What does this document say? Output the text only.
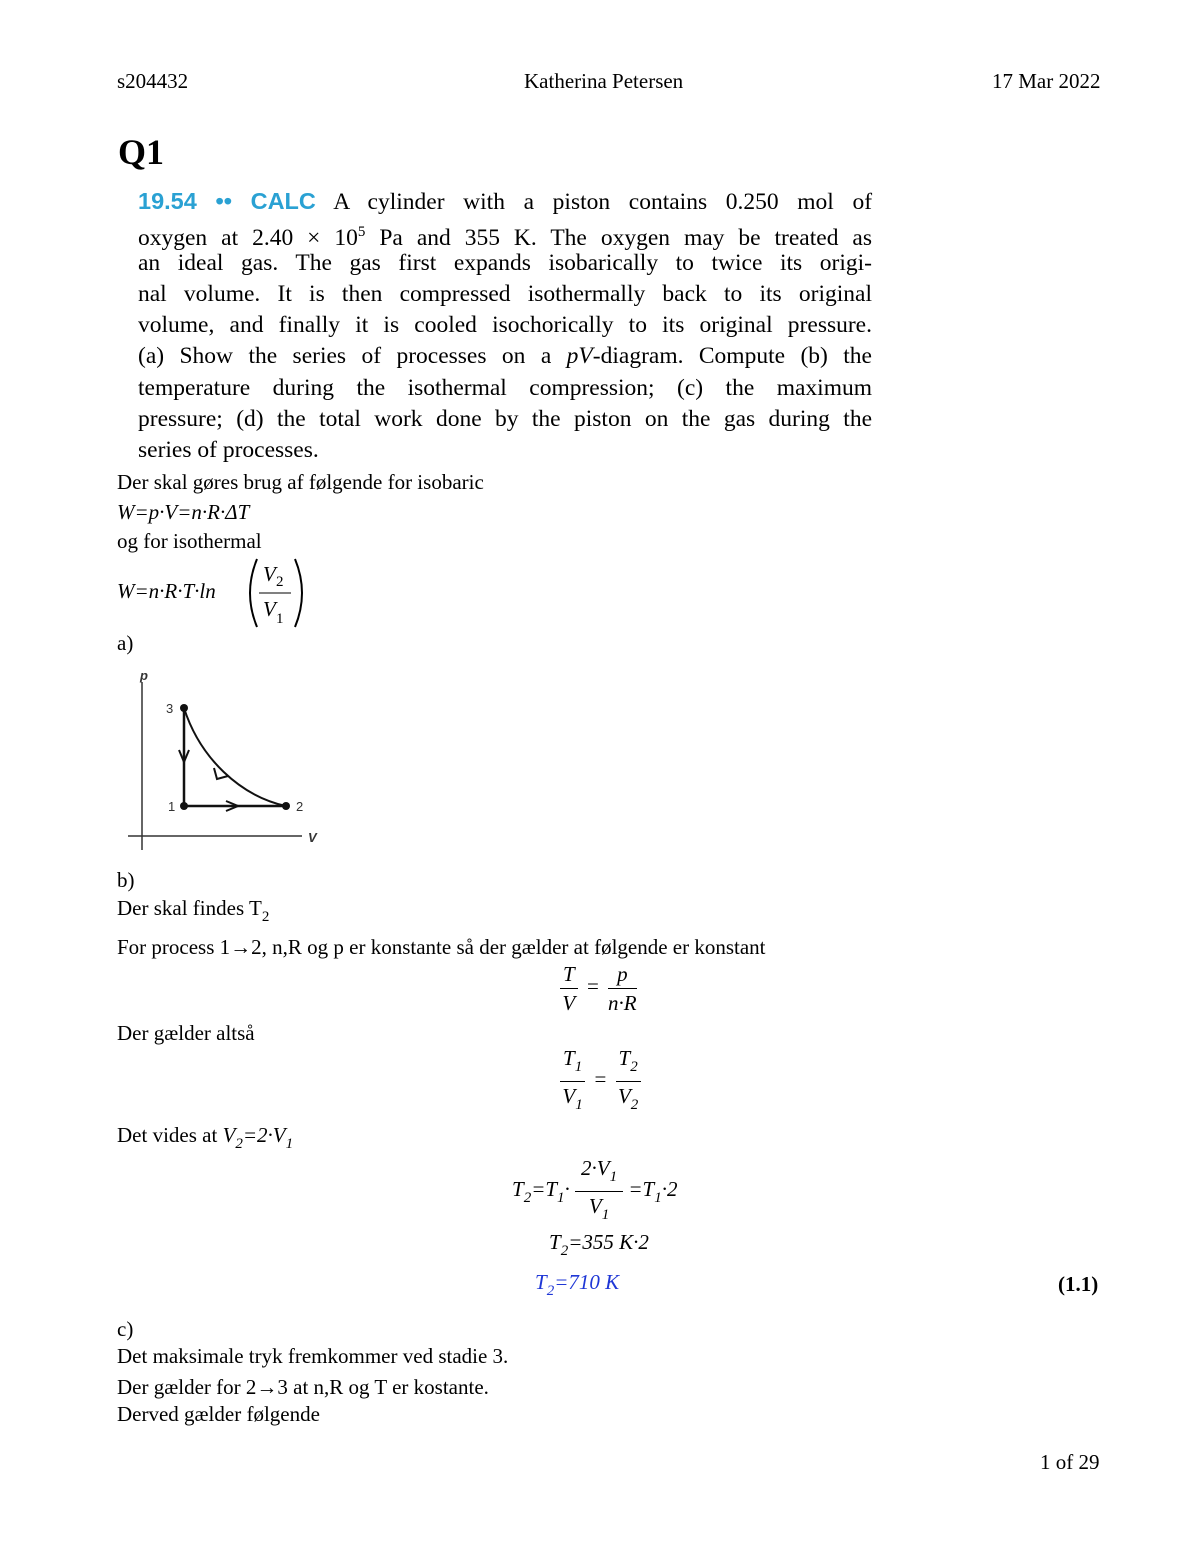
s204432	Katherina Petersen	17 Mar 2022
Q1
19.54 •• CALC A cylinder with a piston contains 0.250 mol of
oxygen at $2.40 \times 10^5$ Pa and 355 K. The oxygen may be treated as
an ideal gas. The gas first expands isobarically to twice its origi-
nal volume. It is then compressed isothermally back to its original
volume, and finally it is cooled isochorically to its original pressure.
(a) Show the series of processes on a pV-diagram. Compute (b) the
temperature during the isothermal compression; (c) the maximum
pressure; (d) the total work done by the piston on the gas during the
series of processes.
Der skal gøres brug af følgende for isobaric
W=p·V=n·R·ΔT
og for isothermal
W=n·R·T·ln
V 2
V 1
a)
p
V
3
1	2
b)
Der skal findes $T_2$
For process 1→2, n,R og p er konstante så der gælder at følgende er konstant
$\frac{T}{V} = \frac{p}{n\cdot R}$
Der gælder altså
$\frac{T_1}{V_1} = \frac{T_2}{V_2}$
Det vides at $V_2=2\cdot V_1$
$T_2=T_1\cdot \frac{2\cdot V_1}{V_1} =T_1\cdot 2$
$T_2=355$ K·2
$T_2=710$ K	(1.1)
c)
Det maksimale tryk fremkommer ved stadie 3.
Der gælder for 2→3 at n,R og T er kostante.
Derved gælder følgende
1 of 29
